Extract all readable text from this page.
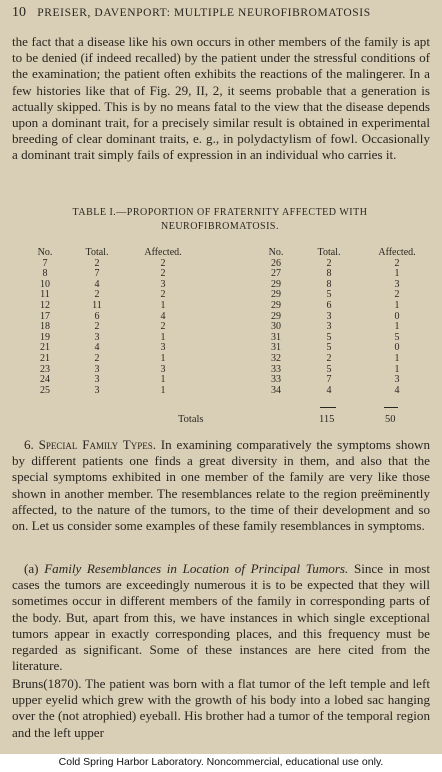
10 PREISER, DAVENPORT: MULTIPLE NEUROFIBROMATOSIS

the fact that a disease like his own occurs in other members of the family is apt to be denied (if indeed recalled) by the patient under the stressful conditions of the examination; the patient often exhibits the reactions of the malingerer. In a few histories like that of Fig. 29, II, 2, it seems probable that a generation is actually skipped. This is by no means fatal to the view that the disease depends upon a dominant trait, for a precisely similar result is obtained in experimental breeding of clear dominant traits, e. g., in polydactylism of fowl. Occasionally a dominant trait simply fails of expression in an individual who carries it.

TABLE I.—PROPORTION OF FRATERNITY AFFECTED WITH
NEUROFIBROMATOSIS.
No.	Total.	Affected.
7	2	2
8	7	2
10	4	3
11	2	2
12	11	1
17	6	4
18	2	2
19	3	1
21	4	3
21	2	1
23	3	3
24	3	1
25	3	1
No.	Total.	Affected.
26	2	2
27	8	1
29	8	3
29	5	2
29	6	1
29	3	0
30	3	1
31	5	5
31	5	0
32	2	1
33	5	1
33	7	3
34	4	4
Totals	115	50

6. Special Family Types. In examining comparatively the symptoms shown by different patients one finds a great diversity in them, and also that the special symptoms exhibited in one member of the family are very like those shown in another member. The resemblances relate to the region preëminently affected, to the nature of the tumors, to the time of their development and so on. Let us consider some examples of these family resemblances in symptoms.

(a) Family Resemblances in Location of Principal Tumors. Since in most cases the tumors are exceedingly numerous it is to be expected that they will sometimes occur in different members of the family in corresponding parts of the body. But, apart from this, we have instances in which single exceptional tumors appear in exactly corresponding places, and this frequency must be regarded as significant. Some of these instances are here cited from the literature.

Bruns(1870). The patient was born with a flat tumor of the left temple and left upper eyelid which grew with the growth of his body into a lobed sac hanging over the (not atrophied) eyeball. His brother had a tumor of the temporal region and the left upper

Cold Spring Harbor Laboratory. Noncommercial, educational use only.
